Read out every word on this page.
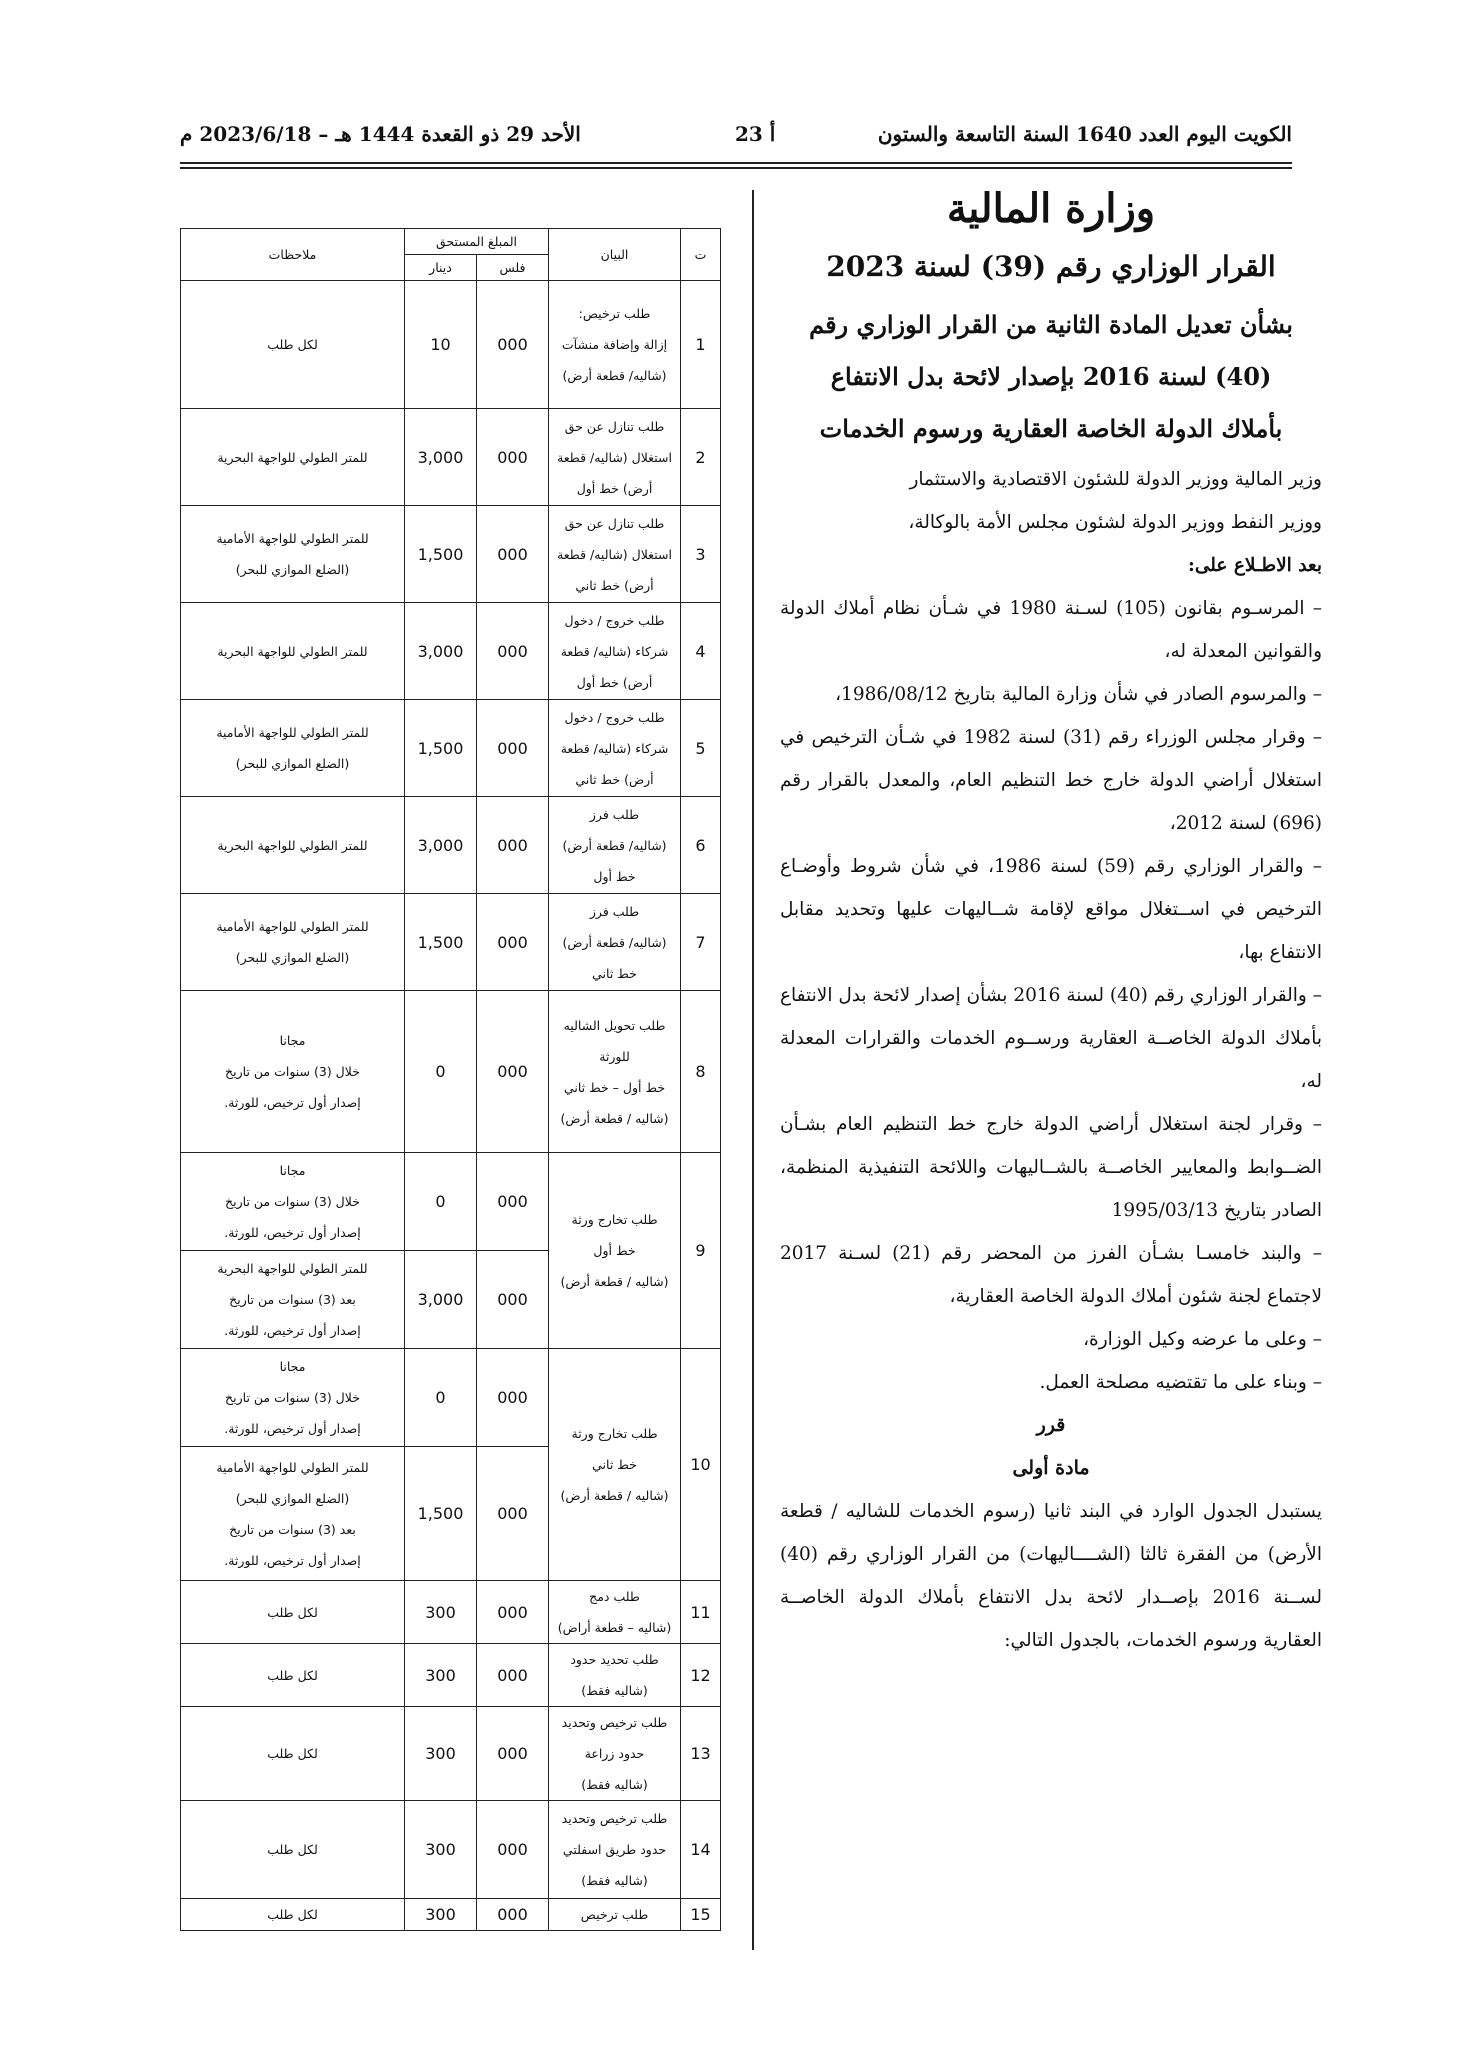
الكويت اليوم العدد 1640 السنة التاسعة والستون
أ 23
الأحد 29 ذو القعدة 1444 هـ – 2023/6/18 م
وزارة المالية
القرار الوزاري رقم (39) لسنة 2023
بشأن تعديل المادة الثانية من القرار الوزاري رقم
(40) لسنة 2016 بإصدار لائحة بدل الانتفاع
بأملاك الدولة الخاصة العقارية ورسوم الخدمات

وزير المالية ووزير الدولة للشئون الاقتصادية والاستثمار

ووزير النفط ووزير الدولة لشئون مجلس الأمة بالوكالة،

بعد الاطـلاع على:

– المرسـوم بقانون (105) لسـنة 1980 في شـأن نظام أملاك الدولة والقوانين المعدلة له،

– والمرسوم الصادر في شأن وزارة المالية بتاريخ 1986/08/12،

– وقرار مجلس الوزراء رقم (31) لسنة 1982 في شـأن الترخيص في استغلال أراضي الدولة خارج خط التنظيم العام، والمعدل بالقرار رقم (696) لسنة 2012،

– والقرار الوزاري رقم (59) لسنة 1986، في شأن شروط وأوضـاع الترخيص في اســتغلال مواقع لإقامة شــاليهات عليها وتحديد مقابل الانتفاع بها،

– والقرار الوزاري رقم (40) لسنة 2016 بشأن إصدار لائحة بدل الانتفاع بأملاك الدولة الخاصــة العقارية ورســوم الخدمات والقرارات المعدلة له،

– وقرار لجنة استغلال أراضي الدولة خارج خط التنظيم العام بشـأن الضــوابط والمعايير الخاصــة بالشــاليهات واللائحة التنفيذية المنظمة، الصادر بتاريخ 1995/03/13

– والبند خامسـا بشـأن الفرز من المحضر رقم (21) لسـنة 2017 لاجتماع لجنة شئون أملاك الدولة الخاصة العقارية،

– وعلى ما عرضه وكيل الوزارة،

– وبناء على ما تقتضيه مصلحة العمل.

قرر

مادة أولى

يستبدل الجدول الوارد في البند ثانيا (رسوم الخدمات للشاليه / قطعة الأرض) من الفقرة ثالثا (الشــــاليهات) من القرار الوزاري رقم (40) لســنة 2016 بإصــدار لائحة بدل الانتفاع بأملاك الدولة الخاصــة العقارية ورسوم الخدمات، بالجدول التالي:

ت	البيان	المبلغ المستحق		ملاحظات
		فلس	دينار	
1	طلب ترخيص:
إزالة وإضافة منشآت
(شاليه/ قطعة أرض)	000	10	لكل طلب
2	طلب تنازل عن حق
استغلال (شاليه/ قطعة
أرض) خط أول	000	3,000	للمتر الطولي للواجهة البحرية
3	طلب تنازل عن حق
استغلال (شاليه/ قطعة
أرض) خط ثاني	000	1,500	للمتر الطولي للواجهة الأمامية
(الضلع الموازي للبحر)
4	طلب خروج / دخول
شركاء (شاليه/ قطعة
أرض) خط أول	000	3,000	للمتر الطولي للواجهة البحرية
5	طلب خروج / دخول
شركاء (شاليه/ قطعة
أرض) خط ثاني	000	1,500	للمتر الطولي للواجهة الأمامية
(الضلع الموازي للبحر)
6	طلب فرز
(شاليه/ قطعة أرض)
خط أول	000	3,000	للمتر الطولي للواجهة البحرية
7	طلب فرز
(شاليه/ قطعة أرض)
خط ثاني	000	1,500	للمتر الطولي للواجهة الأمامية
(الضلع الموازي للبحر)
8	طلب تحويل الشاليه
للورثة
خط أول – خط ثاني
(شاليه / قطعة أرض)	000	0	مجانا
خلال (3) سنوات من تاريخ
إصدار أول ترخيص، للورثة.
9	طلب تخارج ورثة
خط أول
(شاليه / قطعة أرض)	000	0	مجانا
خلال (3) سنوات من تاريخ
إصدار أول ترخيص، للورثة.
		000	3,000	للمتر الطولي للواجهة البحرية
بعد (3) سنوات من تاريخ
إصدار أول ترخيص، للورثة.
10	طلب تخارج ورثة
خط ثاني
(شاليه / قطعة أرض)	000	0	مجانا
خلال (3) سنوات من تاريخ
إصدار أول ترخيص، للورثة.
		000	1,500	للمتر الطولي للواجهة الأمامية
(الضلع الموازي للبحر)
بعد (3) سنوات من تاريخ
إصدار أول ترخيص، للورثة.
11	طلب دمج
(شاليه – قطعة أراض)	000	300	لكل طلب
12	طلب تحديد حدود
(شاليه فقط)	000	300	لكل طلب
13	طلب ترخيص وتحديد
حدود زراعة
(شاليه فقط)	000	300	لكل طلب
14	طلب ترخيص وتحديد
حدود طريق اسفلتي
(شاليه فقط)	000	300	لكل طلب
15	طلب ترخيص	000	300	لكل طلب
